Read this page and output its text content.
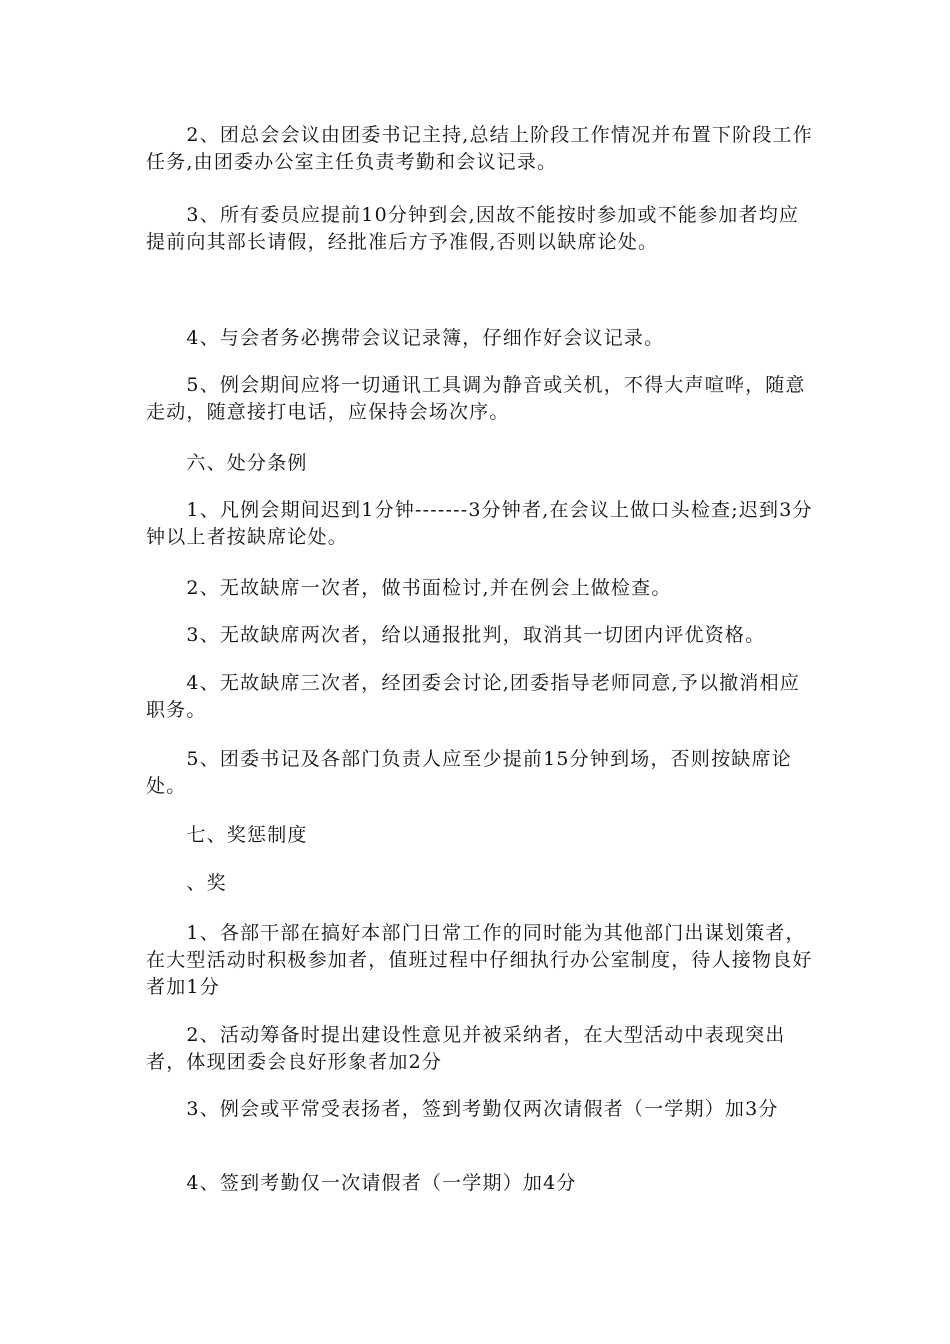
　　2、团总会会议由团委书记主持,总结上阶段工作情况并布置下阶段工作任务,由团委办公室主任负责考勤和会议记录。

　　3、所有委员应提前10分钟到会,因故不能按时参加或不能参加者均应提前向其部长请假，经批准后方予准假,否则以缺席论处。

　　4、与会者务必携带会议记录簿，仔细作好会议记录。

　　5、例会期间应将一切通讯工具调为静音或关机，不得大声喧哗，随意走动，随意接打电话，应保持会场次序。

　　六、处分条例

　　1、凡例会期间迟到1分钟-------3分钟者,在会议上做口头检查;迟到3分钟以上者按缺席论处。

　　2、无故缺席一次者，做书面检讨,并在例会上做检查。

　　3、无故缺席两次者，给以通报批判，取消其一切团内评优资格。

　　4、无故缺席三次者，经团委会讨论,团委指导老师同意,予以撤消相应职务。

　　5、团委书记及各部门负责人应至少提前15分钟到场，否则按缺席论处。

　　七、奖惩制度

　　、奖

　　1、各部干部在搞好本部门日常工作的同时能为其他部门出谋划策者，在大型活动时积极参加者，值班过程中仔细执行办公室制度，待人接物良好者加1分

　　2、活动筹备时提出建设性意见并被采纳者，在大型活动中表现突出者，体现团委会良好形象者加2分

　　3、例会或平常受表扬者，签到考勤仅两次请假者（一学期）加3分

　　4、签到考勤仅一次请假者（一学期）加4分
